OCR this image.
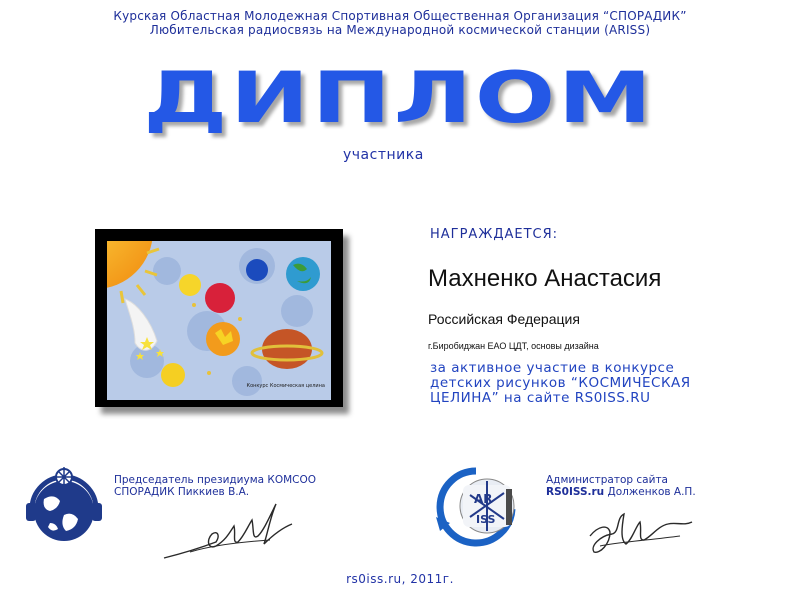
Курская Областная Молодежная Спортивная Общественная Организация “СПОРАДИК”
Любительская радиосвязь на Международной космической станции (ARISS)
ДИПЛОМ
участника
Конкурс Космическая целина
НАГРАЖДАЕТСЯ:
Махненко Анастасия
Российская Федерация
г.Биробиджан ЕАО ЦДТ, основы дизайна
за активное участие в конкурсе
детских рисунков “КОСМИЧЕСКАЯ
ЦЕЛИНА” на сайте RS0ISS.RU
Председатель президиума КОМСОО
СПОРАДИК Пиккиев В.А.	AR
ISS
Администратор сайта
RS0ISS.ru Долженков А.П.
rs0iss.ru, 2011г.
